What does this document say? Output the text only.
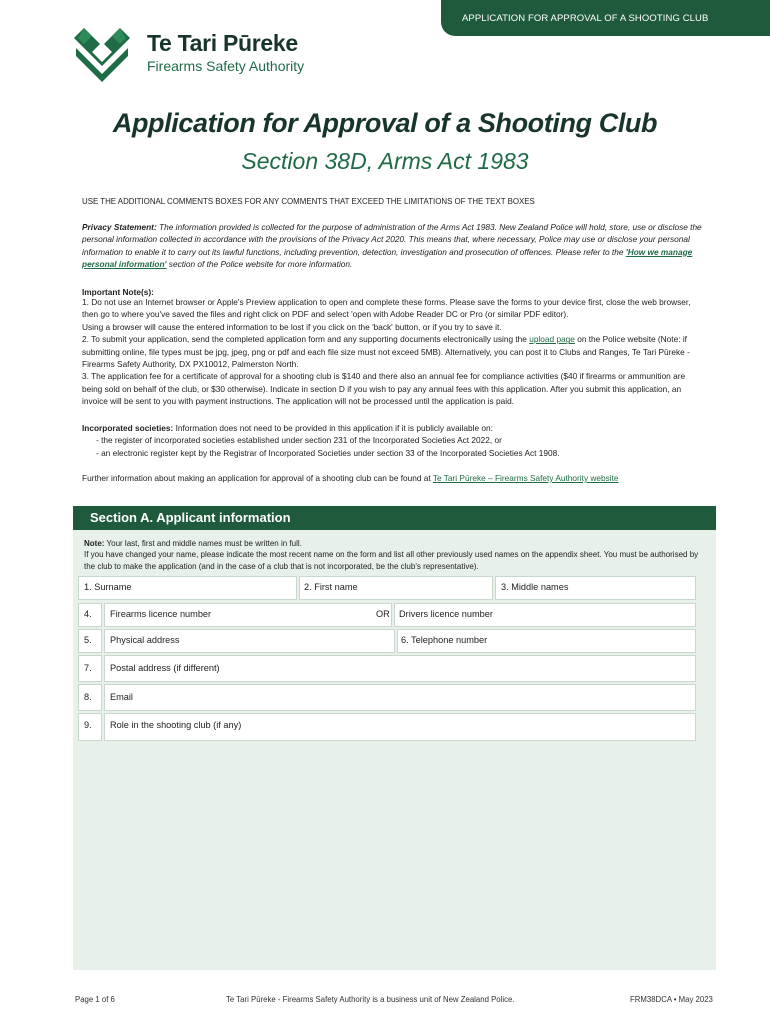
APPLICATION FOR APPROVAL OF A SHOOTING CLUB
Te Tari Pūreke
Firearms Safety Authority
Application for Approval of a Shooting Club
Section 38D, Arms Act 1983
USE THE ADDITIONAL COMMENTS BOXES FOR ANY COMMENTS THAT EXCEED THE LIMITATIONS OF THE TEXT BOXES
Privacy Statement: The information provided is collected for the purpose of administration of the Arms Act 1983. New Zealand Police will hold, store, use or disclose the personal information collected in accordance with the provisions of the Privacy Act 2020. This means that, where necessary, Police may use or disclose your personal information to enable it to carry out its lawful functions, including prevention, detection, investigation and prosecution of offences. Please refer to the 'How we manage personal information' section of the Police website for more information.
Important Note(s):
1. Do not use an Internet browser or Apple's Preview application to open and complete these forms. Please save the forms to your device first, close the web browser, then go to where you've saved the files and right click on PDF and select 'open with Adobe Reader DC or Pro (or similar PDF editor).
Using a browser will cause the entered information to be lost if you click on the 'back' button, or if you try to save it.
2. To submit your application, send the completed application form and any supporting documents electronically using the upload page on the Police website (Note: if submitting online, file types must be jpg, jpeg, png or pdf and each file size must not exceed 5MB). Alternatively, you can post it to Clubs and Ranges, Te Tari Pūreke - Firearms Safety Authority, DX PX10012, Palmerston North.
3. The application fee for a certificate of approval for a shooting club is $140 and there also an annual fee for compliance activities ($40 if firearms or ammunition are being sold on behalf of the club, or $30 otherwise). Indicate in section D if you wish to pay any annual fees with this application. After you submit this application, an invoice will be sent to you with payment instructions. The application will not be processed until the application is paid.
Incorporated societies: Information does not need to be provided in this application if it is publicly available on:
- the register of incorporated societies established under section 231 of the Incorporated Societies Act 2022, or
- an electronic register kept by the Registrar of Incorporated Societies under section 33 of the Incorporated Societies Act 1908.
Further information about making an application for approval of a shooting club can be found at Te Tari Pūreke – Firearms Safety Authority website
Section A. Applicant information
Note: Your last, first and middle names must be written in full.
If you have changed your name, please indicate the most recent name on the form and list all other previously used names on the appendix sheet. You must be authorised by the club to make the application (and in the case of a club that is not incorporated, be the club's representative).
1. Surname	2. First name	3. Middle names
4. Firearms licence number	OR Drivers licence number
5. Physical address	6. Telephone number
7. Postal address (if different)
8. Email
9. Role in the shooting club (if any)
Page 1 of 6	Te Tari Pūreke - Firearms Safety Authority is a business unit of New Zealand Police.	FRM38DCA • May 2023
